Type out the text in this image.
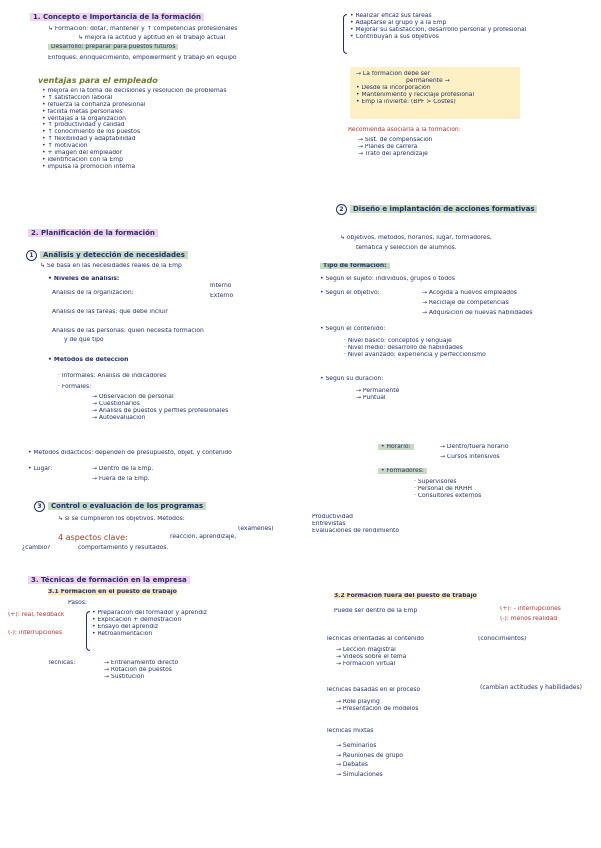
1. Concepto e Importancia de la formación
↳ Formación: dotar, mantener y ↑ competencias profesionales
↳ mejora la actitud y aptitud en el trabajo actual
Desarrollo: preparar para puestos futuros
Enfoques: enriquecimiento, empowerment y trabajo en equipo
• Realizar eficaz sus tareas
• Adaptarse al grupo y a la Emp
• Mejorar su satisfacción, desarrollo personal y profesional
• Contribuyan a sus objetivos
ventajas para el empleado
• mejora en la toma de decisiones y resolución de problemas
• ↑ satisfacción laboral
• refuerza la confianza profesional
• facilita metas personales
• ventajas a la organización
• ↑ productividad y calidad
• ↑ conocimiento de los puestos
• ↑ flexibilidad y adaptabilidad
• ↑ motivación
• + imagen del empleador
• identificación con la Emp
• impulsa la promoción interna
→ La formación debe ser
permanente →
• Desde la incorporación
• Mantenimiento y reciclaje profesional
• Emp la invierte: (BPF > Costes)
Recomienda asociarla a la formación:
→ Sist. de compensación
→ Planes de carrera
→ Trato del aprendizaje
2. Planificación de la formación
1 Análisis y detección de necesidades
↳ Se basa en las necesidades reales de la Emp
• Niveles de análisis:
Análisis de la organización:
Interno
Externo
Análisis de las tareas: qué debe incluir
Análisis de las personas: quién necesita formación
y de qué tipo
• Métodos de detección
· Informales: Análisis de indicadores
· Formales:
→ Observación de personal
→ Cuestionarios
→ Análisis de puestos y perfiles profesionales
→ Autoevaluación
• Métodos didácticos: dependen de presupuesto, objet. y contenido
• Lugar:	→ Dentro de la Emp.
→ Fuera de la Emp.
2 Diseño e implantación de acciones formativas
↳ objetivos, métodos, horarios, lugar, formadores,
temática y selección de alumnos.
Tipo de formación:
• Según el sujeto: individuos, grupos o todos
• Según el objetivo:	→ Acogida a nuevos empleados
→ Reciclaje de competencias
→ Adquisición de nuevas habilidades
• Según el contenido:
· Nivel básico: conceptos y lenguaje
· Nivel medio: desarrollo de habilidades
· Nivel avanzado: experiencia y perfeccionismo
• Según su duración:
→ Permanente
→ Puntual
• Horario:	→ Dentro/fuera horario
→ Cursos intensivos
• Formadores:
· Supervisores
· Personal de RRHH
· Consultores externos
3 Control o evaluación de los programas
↳ si se cumplieron los objetivos. Métodos:
(exámenes)
Productividad
Entrevistas
Evaluaciones de rendimiento
4 aspectos clave:	reacción, aprendizaje,
¿cambió?	comportamiento y resultados.
3. Técnicas de formación en la empresa
3.1 Formación en el puesto de trabajo
Pasos:
(+): real, feedback
(-): interrupciones
• Preparación del formador y aprendiz
• Explicación + demostración
• Ensayo del aprendiz
• Retroalimentación
Técnicas:	→ Entrenamiento directo
→ Rotación de puestos
→ Sustitución
3.2 Formación fuera del puesto de trabajo
Puede ser dentro de la Emp	(+): - interrupciones
(-): menos realidad
Técnicas orientadas al contenido	(conocimientos)
→ Lección magistral
→ Vídeos sobre el tema
→ Formación virtual
Técnicas basadas en el proceso	(cambian actitudes y habilidades)
→ Role playing
→ Presentación de modelos
Técnicas mixtas
→ Seminarios
→ Reuniones de grupo
→ Debates
→ Simulaciones
